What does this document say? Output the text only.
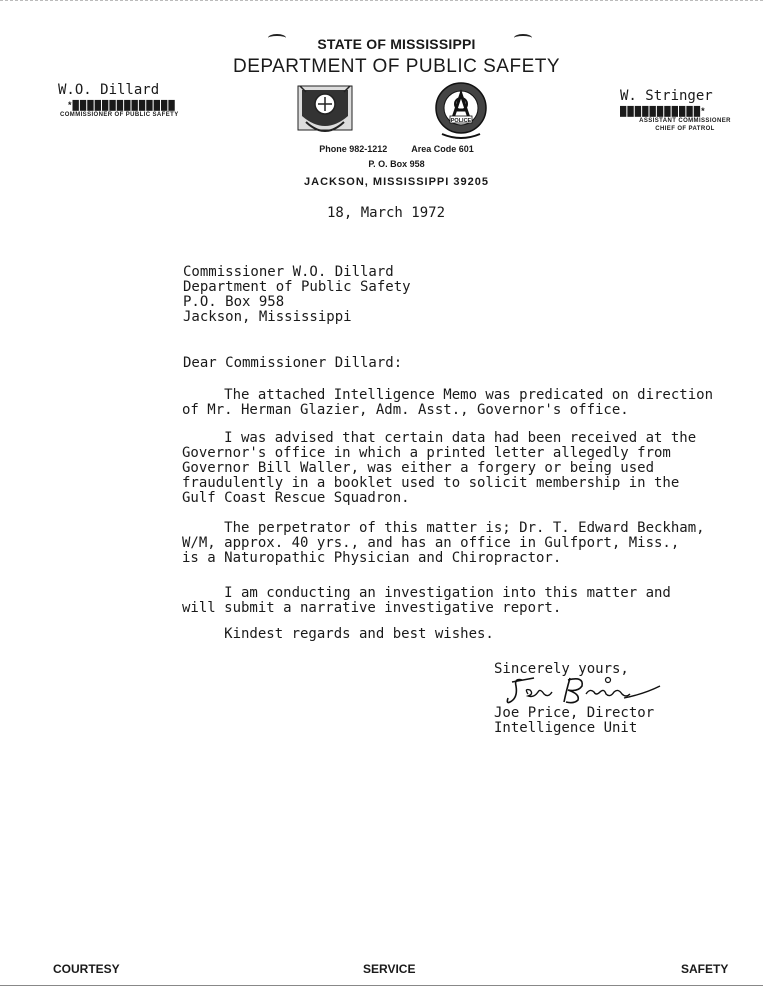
STATE OF MISSISSIPPI
DEPARTMENT OF PUBLIC SAFETY
W.O. Dillard
*██████████████
COMMISSIONER OF PUBLIC SAFETY
W. Stringer
███████████*
ASSISTANT COMMISSIONER
CHIEF OF PATROL
POLICE
Phone 982-1212	Area Code 601
P. O. Box 958
JACKSON, MISSISSIPPI 39205
18, March 1972
Commissioner W.O. Dillard
Department of Public Safety
P.O. Box 958
Jackson, Mississippi
Dear Commissioner Dillard:
The attached Intelligence Memo was predicated on direction
of Mr. Herman Glazier, Adm. Asst., Governor's office.
I was advised that certain data had been received at the
Governor's office in which a printed letter allegedly from
Governor Bill Waller, was either a forgery or being used
fraudulently in a booklet used to solicit membership in the
Gulf Coast Rescue Squadron.
The perpetrator of this matter is; Dr. T. Edward Beckham,
W/M, approx. 40 yrs., and has an office in Gulfport, Miss.,
is a Naturopathic Physician and Chiropractor.
I am conducting an investigation into this matter and
will submit a narrative investigative report.
Kindest regards and best wishes.
Sincerely yours,
Joe Price, Director
Intelligence Unit
COURTESY	SERVICE	SAFETY
